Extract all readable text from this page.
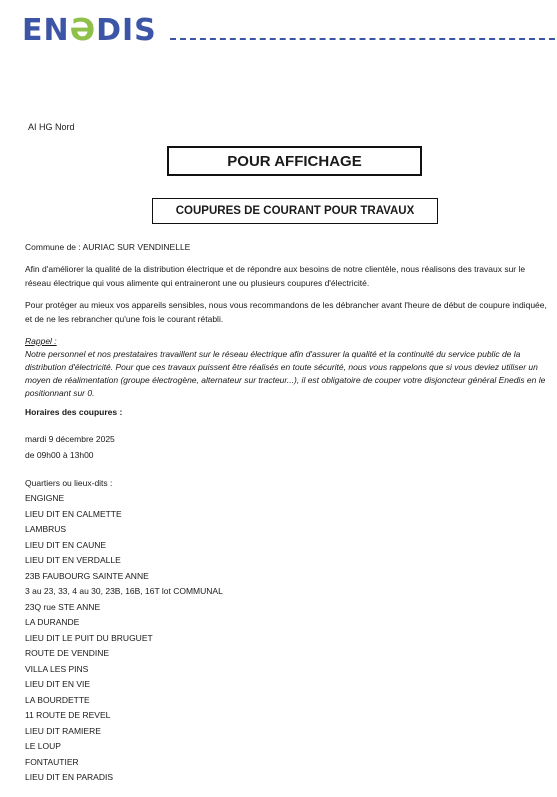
ENƏDIS
AI HG Nord
POUR AFFICHAGE
COUPURES DE COURANT POUR TRAVAUX

Commune de : AURIAC SUR VENDINELLE

Afin d'améliorer la qualité de la distribution électrique et de répondre aux besoins de notre clientèle, nous réalisons des travaux sur le réseau électrique qui vous alimente qui entraineront une ou plusieurs coupures d'électricité.

Pour protéger au mieux vos appareils sensibles, nous vous recommandons de les débrancher avant l'heure de début de coupure indiquée, et de ne les rebrancher qu'une fois le courant rétabli.

Rappel :

Notre personnel et nos prestataires travaillent sur le réseau électrique afin d'assurer la qualité et la continuité du service public de la distribution d'électricité. Pour que ces travaux puissent être réalisés en toute sécurité, nous vous rappelons que si vous deviez utiliser un moyen de réalimentation (groupe électrogène, alternateur sur tracteur...), il est obligatoire de couper votre disjoncteur général Enedis en le positionnant sur 0.

Horaires des coupures :

mardi 9 décembre 2025

de 09h00 à 13h00

Quartiers ou lieux-dits :

ENGIGNE
LIEU DIT EN CALMETTE
LAMBRUS
LIEU DIT EN CAUNE
LIEU DIT EN VERDALLE
23B FAUBOURG SAINTE ANNE
3 au 23, 33, 4 au 30, 23B, 16B, 16T lot COMMUNAL
23Q rue STE ANNE
LA DURANDE
LIEU DIT LE PUIT DU BRUGUET
ROUTE DE VENDINE
VILLA LES PINS
LIEU DIT EN VIE
LA BOURDETTE
11 ROUTE DE REVEL
LIEU DIT RAMIERE
LE LOUP
FONTAUTIER
LIEU DIT EN PARADIS
